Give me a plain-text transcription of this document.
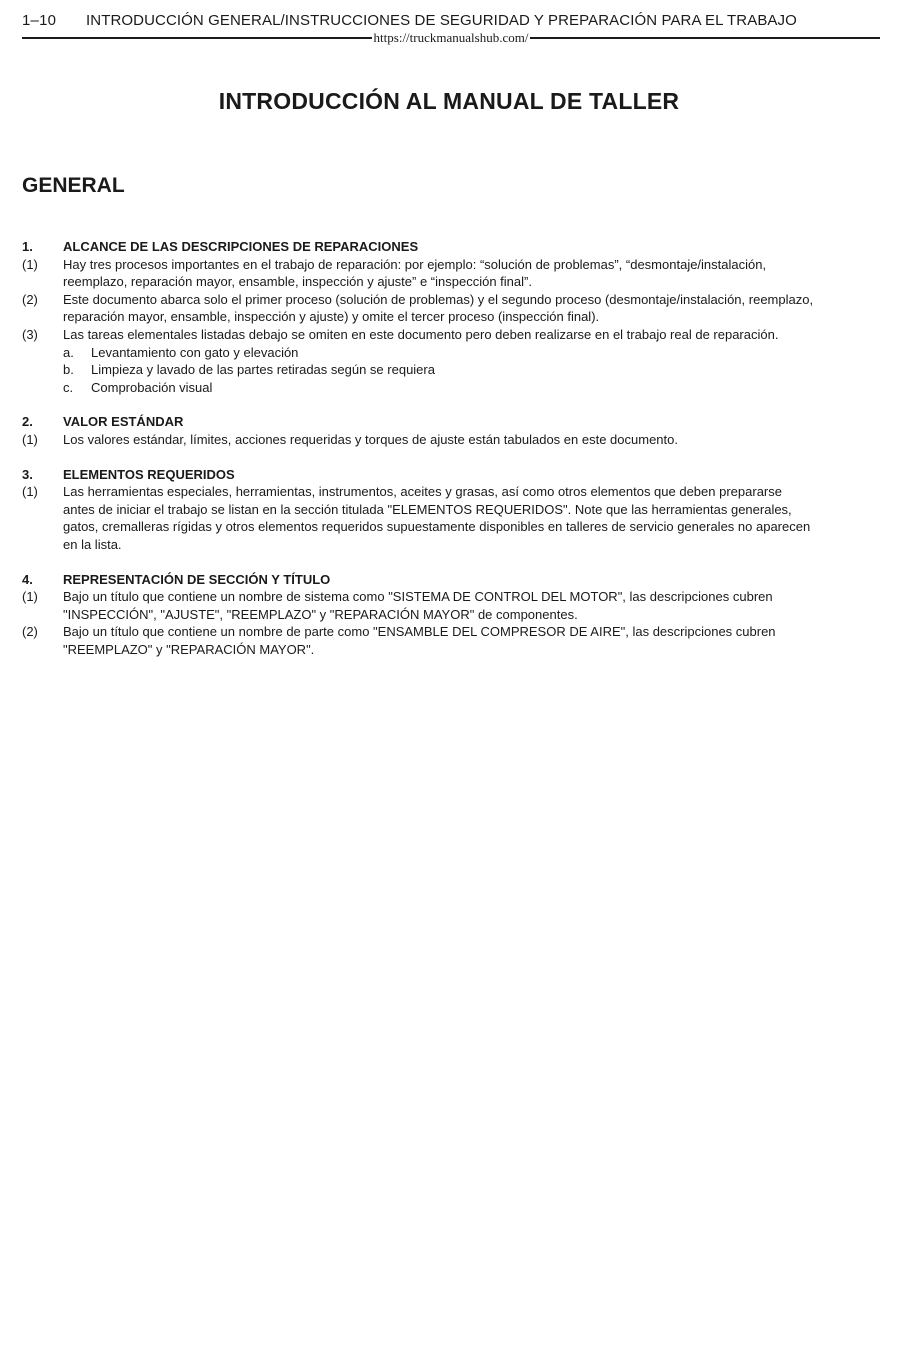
1–10 INTRODUCCIÓN GENERAL/INSTRUCCIONES DE SEGURIDAD Y PREPARACIÓN PARA EL TRABAJO
https://truckmanualshub.com/
INTRODUCCIÓN AL MANUAL DE TALLER
GENERAL
1.	ALCANCE DE LAS DESCRIPCIONES DE REPARACIONES
(1)	Hay tres procesos importantes en el trabajo de reparación: por ejemplo: “solución de problemas”, “desmontaje/instalación,
reemplazo, reparación mayor, ensamble, inspección y ajuste” e “inspección final”.
(2)	Este documento abarca solo el primer proceso (solución de problemas) y el segundo proceso (desmontaje/instalación, reemplazo,
reparación mayor, ensamble, inspección y ajuste) y omite el tercer proceso (inspección final).
(3)	Las tareas elementales listadas debajo se omiten en este documento pero deben realizarse en el trabajo real de reparación.
a.	Levantamiento con gato y elevación
b.	Limpieza y lavado de las partes retiradas según se requiera
c.	Comprobación visual
2.	VALOR ESTÁNDAR
(1)	Los valores estándar, límites, acciones requeridas y torques de ajuste están tabulados en este documento.
3.	ELEMENTOS REQUERIDOS
(1)	Las herramientas especiales, herramientas, instrumentos, aceites y grasas, así como otros elementos que deben prepararse
antes de iniciar el trabajo se listan en la sección titulada "ELEMENTOS REQUERIDOS". Note que las herramientas generales,
gatos, cremalleras rígidas y otros elementos requeridos supuestamente disponibles en talleres de servicio generales no aparecen
en la lista.
4.	REPRESENTACIÓN DE SECCIÓN Y TÍTULO
(1)	Bajo un título que contiene un nombre de sistema como "SISTEMA DE CONTROL DEL MOTOR", las descripciones cubren
"INSPECCIÓN", "AJUSTE", "REEMPLAZO" y "REPARACIÓN MAYOR" de componentes.
(2)	Bajo un título que contiene un nombre de parte como "ENSAMBLE DEL COMPRESOR DE AIRE", las descripciones cubren
"REEMPLAZO" y "REPARACIÓN MAYOR".
